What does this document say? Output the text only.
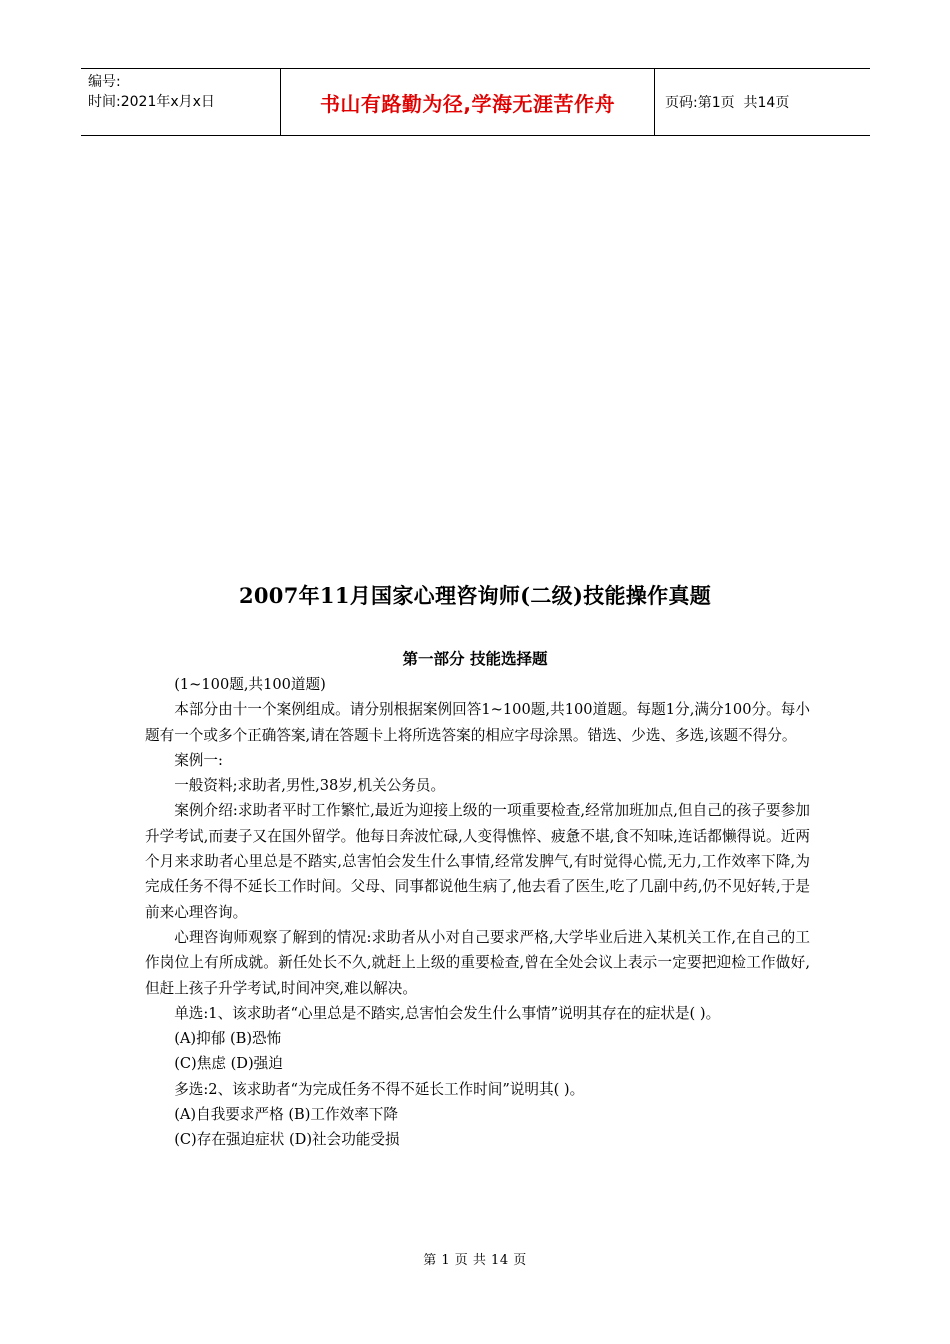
编号:
时间:2021年x月x日	书山有路勤为径,学海无涯苦作舟	页码:第1页  共14页
2007年11月国家心理咨询师(二级)技能操作真题
第一部分 技能选择题

(1~100题,共100道题)

本部分由十一个案例组成。请分别根据案例回答1~100题,共100道题。每题1分,满分100分。每小题有一个或多个正确答案,请在答题卡上将所选答案的相应字母涂黑。错选、少选、多选,该题不得分。

案例一:

一般资料;求助者,男性,38岁,机关公务员。

案例介绍:求助者平时工作繁忙,最近为迎接上级的一项重要检查,经常加班加点,但自己的孩子要参加升学考试,而妻子又在国外留学。他每日奔波忙碌,人变得憔悴、疲惫不堪,食不知味,连话都懒得说。近两个月来求助者心里总是不踏实,总害怕会发生什么事情,经常发脾气,有时觉得心慌,无力,工作效率下降,为完成任务不得不延长工作时间。父母、同事都说他生病了,他去看了医生,吃了几副中药,仍不见好转,于是前来心理咨询。

心理咨询师观察了解到的情况:求助者从小对自己要求严格,大学毕业后进入某机关工作,在自己的工作岗位上有所成就。新任处长不久,就赶上上级的重要检查,曾在全处会议上表示一定要把迎检工作做好,但赶上孩子升学考试,时间冲突,难以解决。

单选:1、该求助者“心里总是不踏实,总害怕会发生什么事情”说明其存在的症状是( )。

(A)抑郁 (B)恐怖

(C)焦虑 (D)强迫

多选:2、该求助者“为完成任务不得不延长工作时间”说明其( )。

(A)自我要求严格 (B)工作效率下降

(C)存在强迫症状 (D)社会功能受损

第 1 页 共 14 页
